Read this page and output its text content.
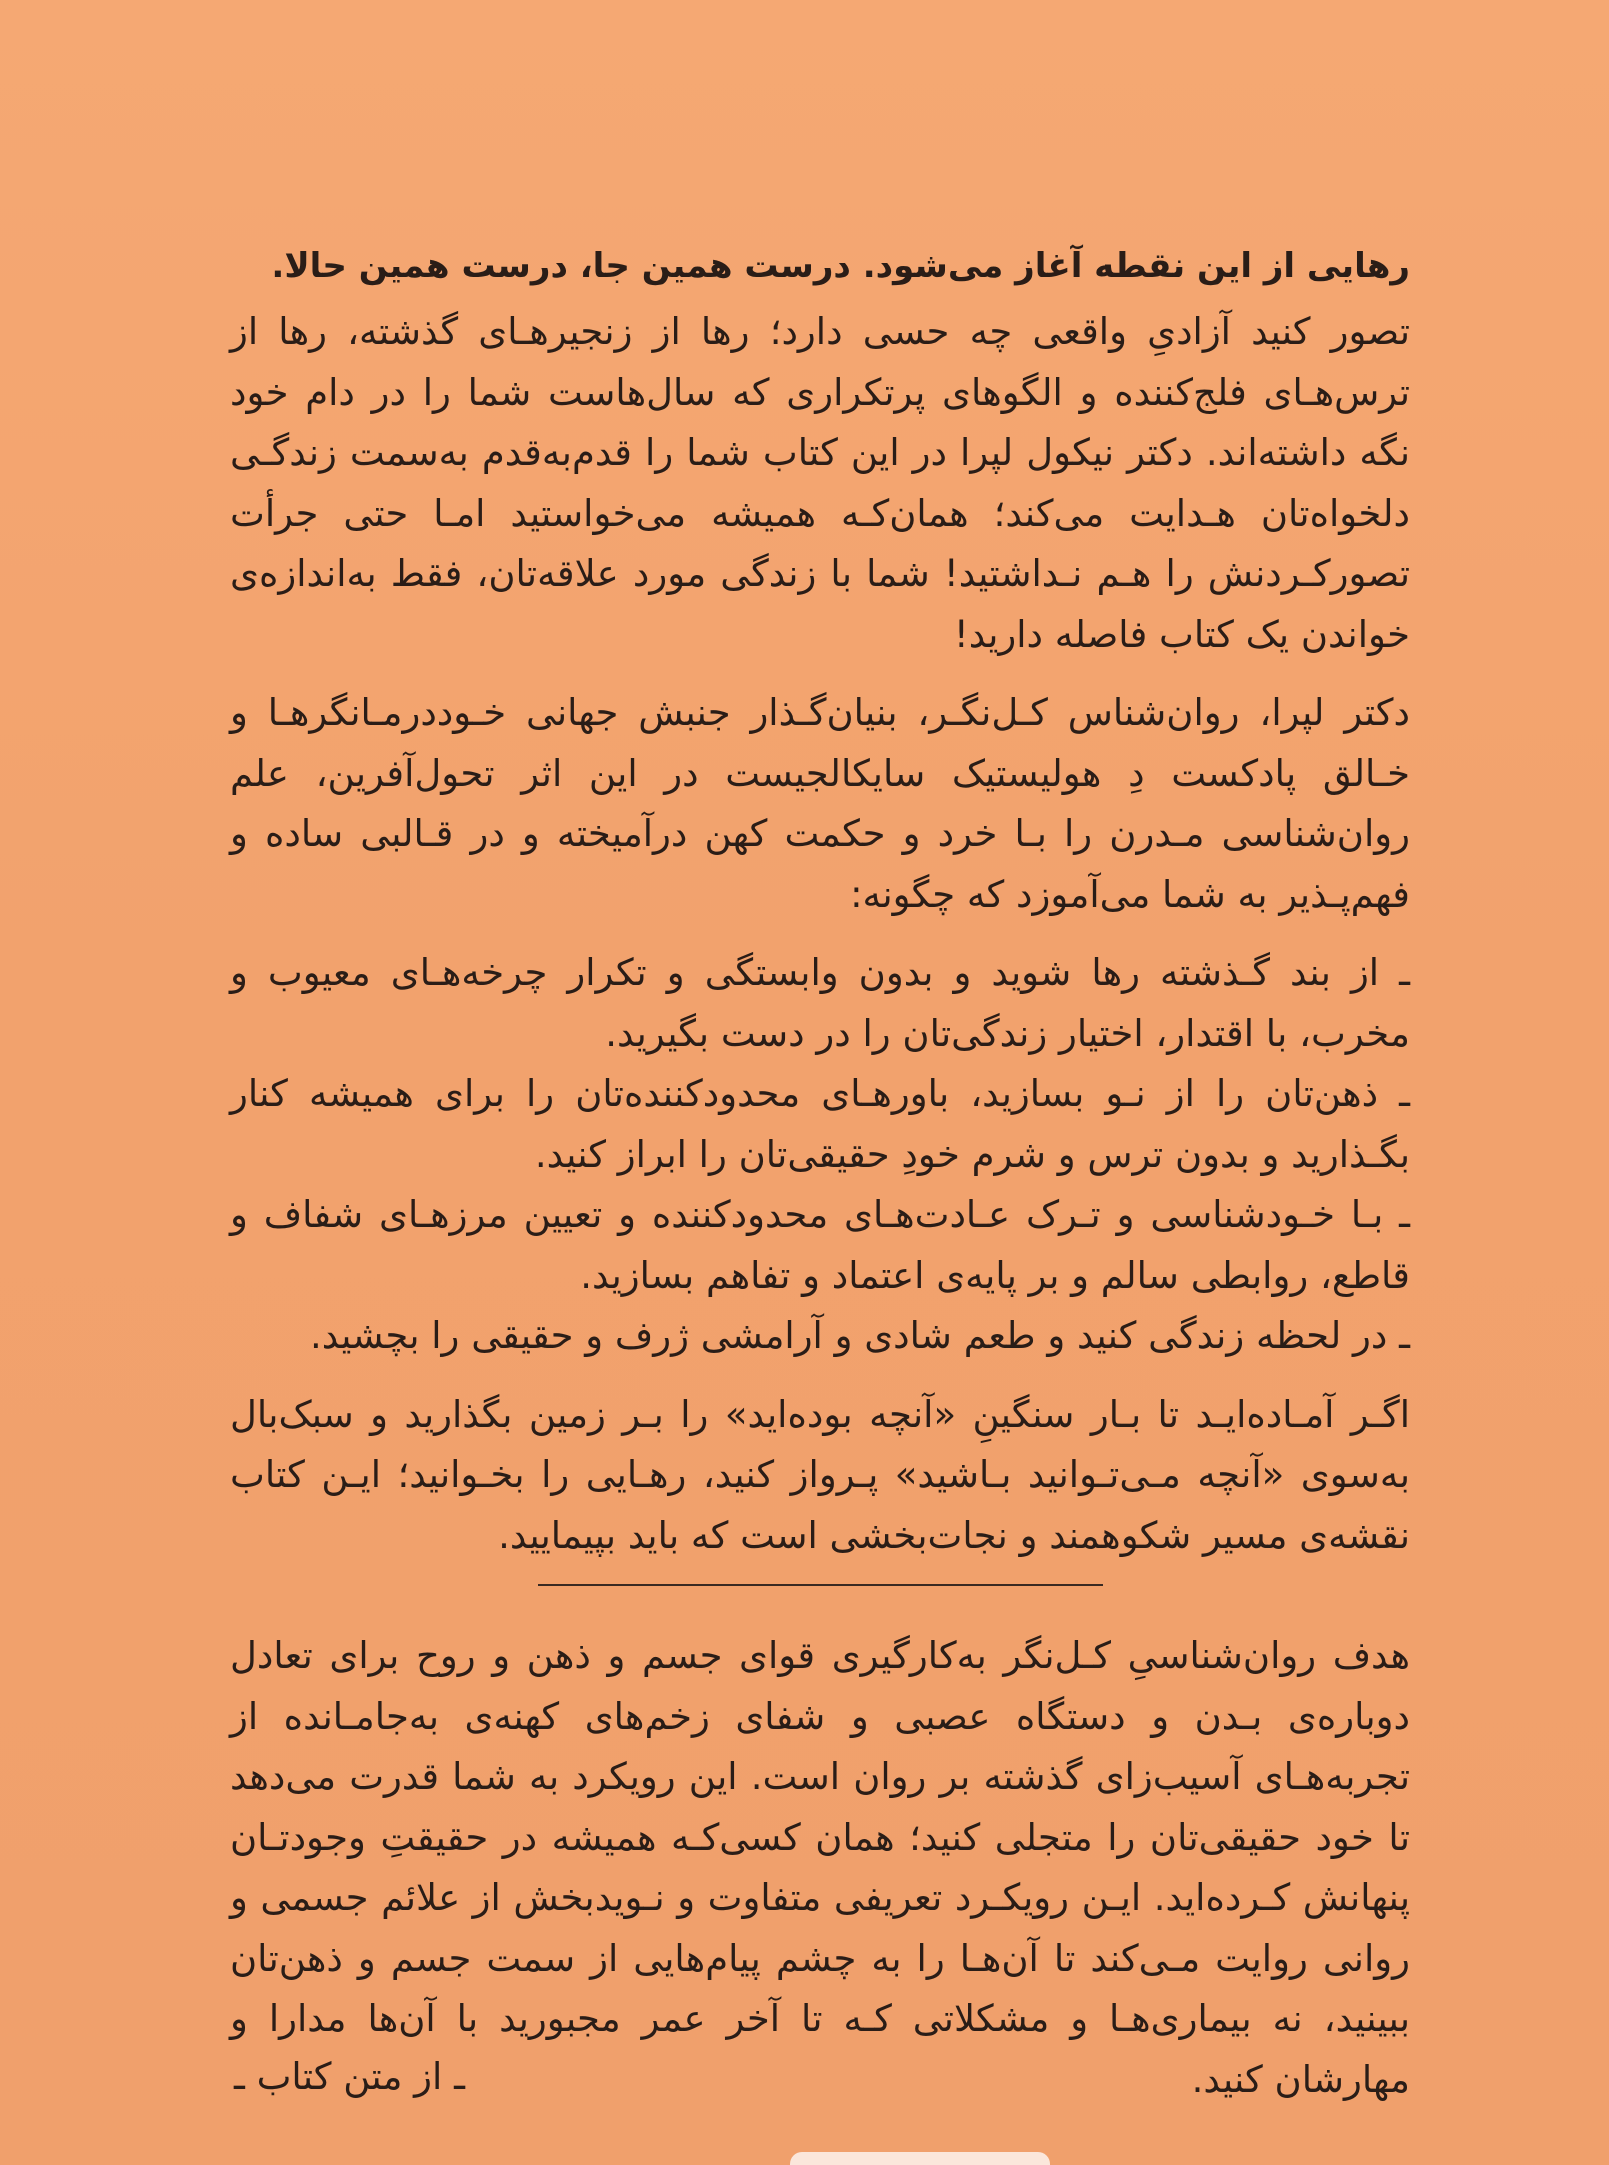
رهایی از این نقطه آغاز می‌شود. درست همین جا، درست همین حالا.

تصور کنید آزادیِ واقعی چه حسی دارد؛ رها از زنجیرهـای گذشته، رها از ترس‌هـای فلج‌کننده و الگوهای پرتکراری که سال‌هاست شما را در دام خود نگه داشته‌اند. دکتر نیکول لپرا در این کتاب شما را قدم‌به‌قدم به‌سمت زندگـی دلخواه‌تان هـدایت می‌کند؛ همان‌کـه همیشه می‌خواستید امـا حتی جرأت تصورکـردنش را هـم نـداشتید! شما با زندگی مورد علاقه‌تان، فقط به‌اندازه‌ی خواندن یک کتاب فاصله دارید!

دکتر لپرا، روان‌شناس کـل‌نگـر، بنیان‌گـذار جنبش جهانی خـوددرمـانگرهـا و خـالق پادکست دِ هولیستیک سایکالجیست در این اثر تحول‌آفرین، علم روان‌شناسی مـدرن را بـا خرد و حکمت کهن درآمیخته و در قـالبی ساده و فهم‌پـذیر به شما می‌آموزد که چگونه:

ـ از بند گـذشته رها شوید و بدون وابستگی و تکرار چرخه‌هـای معیوب و مخرب، با اقتدار، اختیار زندگی‌تان را در دست بگیرید.

ـ ذهن‌تان را از نـو بسازید، باورهـای محدودکننده‌تان را برای همیشه کنار بگـذارید و بدون ترس و شرم خودِ حقیقی‌تان را ابراز کنید.

ـ بـا خـودشناسی و تـرک عـادت‌هـای محدودکننده و تعیین مرزهـای شفاف و قاطع، روابطی سالم و بر پایه‌ی اعتماد و تفاهم بسازید.

ـ در لحظه زندگی کنید و طعم شادی و آرامشی ژرف و حقیقی را بچشید.

اگـر آمـاده‌ایـد تا بـار سنگینِ «آنچه بوده‌اید» را بـر زمین بگذارید و سبک‌بال به‌سوی «آنچه مـی‌تـوانید بـاشید» پـرواز کنید، رهـایی را بخـوانید؛ ایـن کتاب نقشه‌ی مسیر شکوهمند و نجات‌بخشی است که باید بپیمایید.

هدف روان‌شناسیِ کـل‌نگر به‌کارگیری قوای جسم و ذهن و روح برای تعادل دوباره‌ی بـدن و دستگاه عصبی و شفای زخم‌های کهنه‌ی به‌جامـانده از تجربه‌هـای آسیب‌زای گذشته بر روان است. این رویکرد به شما قدرت می‌دهد تا خود حقیقی‌تان را متجلی کنید؛ همان کسی‌کـه همیشه در حقیقتِ وجودتـان پنهانش کـرده‌اید. ایـن رویکـرد تعریفی متفاوت و نـویدبخش از علائم جسمی و روانی روایت مـی‌کند تا آن‌هـا را به چشم پیام‌هایی از سمت جسم و ذهن‌تان ببینید، نه بیماری‌هـا و مشکلاتی کـه تا آخر عمر مجبورید با آن‌ها مدارا و مهارشان کنید.

ـ از متن کتاب ـ
